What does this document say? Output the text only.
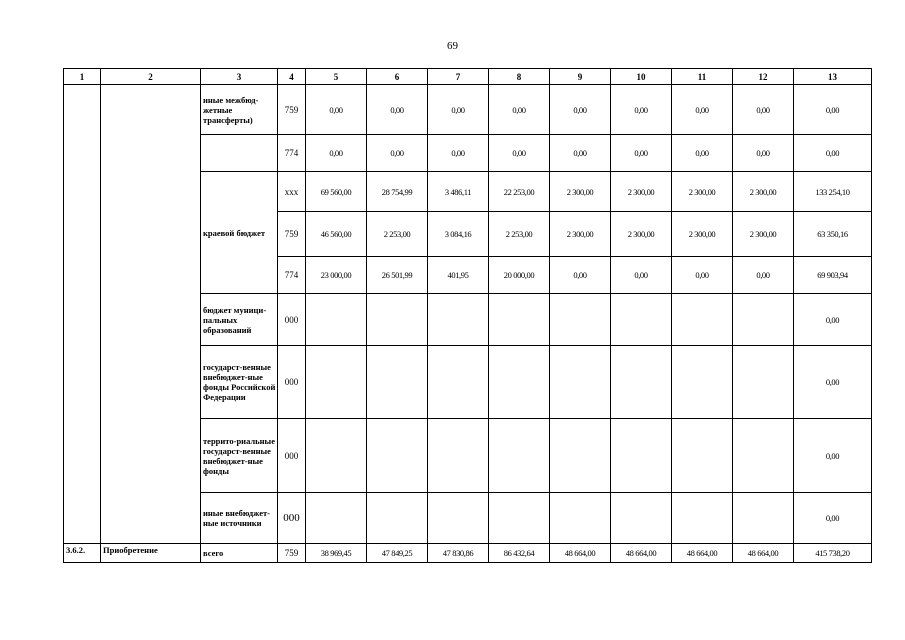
69
1	2	3	4	5	6	7	8	9	10	11	12	13
		иные межбюд-жетные трансферты)	759	0,00	0,00	0,00	0,00	0,00	0,00	0,00	0,00	0,00
			774	0,00	0,00	0,00	0,00	0,00	0,00	0,00	0,00	0,00
		краевой бюджет	ххх	69 560,00	28 754,99	3 486,11	22 253,00	2 300,00	2 300,00	2 300,00	2 300,00	133 254,10
			759	46 560,00	2 253,00	3 084,16	2 253,00	2 300,00	2 300,00	2 300,00	2 300,00	63 350,16
			774	23 000,00	26 501,99	401,95	20 000,00	0,00	0,00	0,00	0,00	69 903,94
		бюджет муници-пальных образований	000									0,00
		государст-венные внебюджет-ные фонды Российской Федерации	000									0,00
		террито-риальные государст-венные внебюджет-ные фонды	000									0,00
		иные внебюджет-ные источники	000									0,00

3.6.2.	Приобретение	всего	759	38 969,45	47 849,25	47 830,86	86 432,64	48 664,00	48 664,00	48 664,00	48 664,00	415 738,20
